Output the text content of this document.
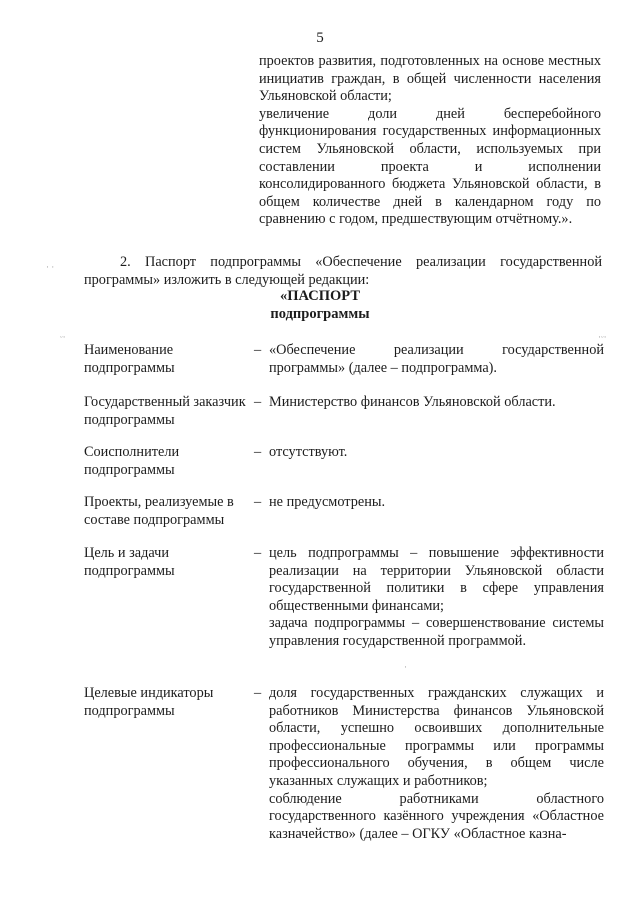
5

проектов развития, подготовленных на основе местных инициатив граждан, в общей численности населения Ульяновской области;

увеличение доли дней бесперебойного функционирования государственных информационных систем Ульяновской области, используемых при составлении проекта и исполнении консолидированного бюджета Ульяновской области, в общем количестве дней в календарном году по сравнению с годом, предшествующим отчётному.».

2. Паспорт подпрограммы «Обеспечение реализации государственной программы» изложить в следующей редакции:

«ПАСПОРТ
подпрограммы
Наименование подпрограммы
– «Обеспечение реализации государственной программы» (далее – подпрограмма).

Государственный заказчик подпрограммы
– Министерство финансов Ульяновской области.

Соисполнители подпрограммы
– отсутствуют.

Проекты, реализуемые в составе подпрограммы
– не предусмотрены.

Цель и задачи подпрограммы
– цель подпрограммы – повышение эффективности реализации на территории Ульяновской области государственной политики в сфере управления общественными финансами;

задача подпрограммы – совершенствование системы управления государственной программой.

Целевые индикаторы подпрограммы
– доля государственных гражданских служащих и работников Министерства финансов Ульяновской области, успешно освоивших дополнительные профессиональные программы или программы профессионального обучения, в общем числе указанных служащих и работников;

соблюдение работниками областного государственного казённого учреждения «Областное казначейство» (далее – ОГКУ «Областное казна-

· ·
ᵕ·	·ᵕ·
·
